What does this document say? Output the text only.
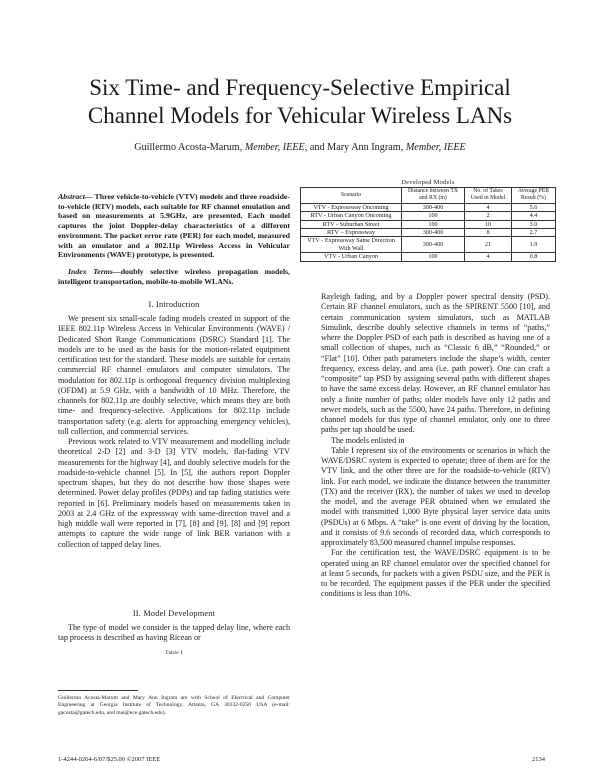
Six Time- and Frequency-Selective Empirical
Channel Models for Vehicular Wireless LANs
Guillermo Acosta-Marum, Member, IEEE, and Mary Ann Ingram, Member, IEEE
Abstract— Three vehicle-to-vehicle (VTV) models and three roadside-to-vehicle (RTV) models, each suitable for RF channel emulation and based on measurements at 5.9GHz, are presented. Each model captures the joint Doppler-delay characteristics of a different environment. The packet error rate (PER) for each model, measured with an emulator and a 802.11p Wireless Access in Vehicular Environments (WAVE) prototype, is presented.
Index Terms—doubly selective wireless propagation models, intelligent transportation, mobile-to-mobile WLANs.
I. Introduction

We present six small-scale fading models created in support of the IEEE 802.11p Wireless Access in Vehicular Environments (WAVE) / Dedicated Short Range Communications (DSRC) Standard [1]. The models are to be used as the basis for the motion-related equipment certification test for the standard. These models are suitable for certain commercial RF channel emulators and computer simulators. The modulation for 802.11p is orthogonal frequency division multiplexing (OFDM) at 5.9 GHz, with a bandwidth of 10 MHz. Therefore, the channels for 802.11p are doubly selective, which means they are both time- and frequency-selective. Applications for 802.11p include transportation safety (e.g. alerts for approaching emergency vehicles), toll collection, and commercial services.

Previous work related to VTV measurement and modelling include theoretical 2-D [2] and 3-D [3] VTV models, flat-fading VTV measurements for the highway [4], and doubly selective models for the roadside-to-vehicle channel [5]. In [5], the authors report Doppler spectrum shapes, but they do not describe how those shapes were determined. Power delay profiles (PDPs) and tap fading statistics were reported in [6]. Preliminary models based on measurements taken in 2003 at 2.4 GHz of the expressway with same-direction travel and a high middle wall were reported in [7], [8] and [9]. [8] and [9] report attempts to capture the wide range of link BER variation with a collection of tapped delay lines.

II. Model Development

The type of model we consider is the tapped delay line, where each tap process is described as having Ricean or

Table I
Guillermo Acosta-Marum and Mary Ann Ingram are with School of Electrical and Computer Engineering at Georgia Institute of Technology, Atlanta, GA 30332-0250 USA (e-mail: gacosta@gatech.edu, and mai@ece.gatech.edu).
Developed Models
Scenario	Distance between TX and RX (m)	No. of Takes Used in Model	Average PER Result (%)
VTV - Expressway Oncoming	300-400	4	5.6
RTV - Urban Canyon Oncoming	100	2	4.4
RTV - Suburban Street	100	10	3.0
RTV – Expressway	300-400	8	2.7
VTV - Expressway Same Direction With Wall	300-400	21	1.9
VTV - Urban Canyon	100	4	0.8

Rayleigh fading, and by a Doppler power spectral density (PSD). Certain RF channel emulators, such as the SPIRENT 5500 [10], and certain communication system simulators, such as MATLAB Simulink, describe doubly selective channels in terms of “paths,” where the Doppler PSD of each path is described as having one of a small collection of shapes, such as “Classic 6 dB,” “Rounded,” or “Flat” [10]. Other path parameters include the shape’s width, center frequency, excess delay, and area (i.e. path power). One can craft a “composite” tap PSD by assigning several paths with different shapes to have the same excess delay. However, an RF channel emulator has only a finite number of paths; older models have only 12 paths and newer models, such as the 5500, have 24 paths. Therefore, in defining channel models for this type of channel emulator, only one to three paths per tap should be used.

The models enlisted in

Table I represent six of the environments or scenarios in which the WAVE/DSRC system is expected to operate; three of them are for the VTV link, and the other three are for the roadside-to-vehicle (RTV) link. For each model, we indicate the distance between the transmitter (TX) and the receiver (RX), the number of takes we used to develop the model, and the average PER obtained when we emulated the model with transmitted 1,000 Byte physical layer service data units (PSDUs) at 6 Mbps. A “take” is one event of driving by the location, and it consists of 9.6 seconds of recorded data, which corresponds to approximately 83,500 measured channel impulse responses.

For the certification test, the WAVE/DSRC equipment is to be operated using an RF channel emulator over the specified channel for at least 5 seconds, for packets with a given PSDU size, and the PER is to be recorded. The equipment passes if the PER under the specified conditions is less than 10%.

1-4244-0264-6/07/$25.00 ©2007 IEEE	2134
